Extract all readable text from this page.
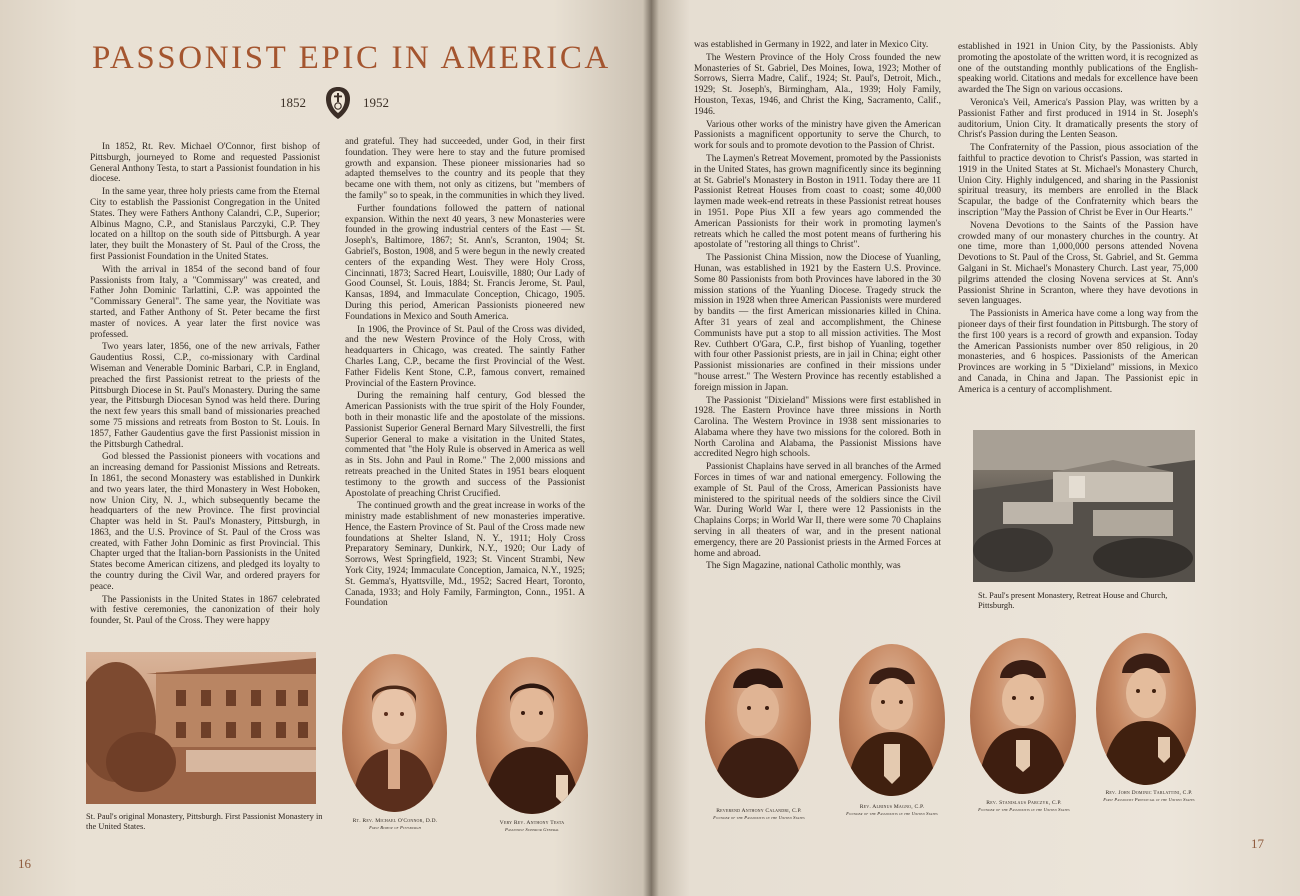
PASSONIST EPIC IN AMERICA
1852	1952

In 1852, Rt. Rev. Michael O'Connor, first bishop of Pittsburgh, journeyed to Rome and requested Passionist General Anthony Testa, to start a Passionist foundation in his diocese.

In the same year, three holy priests came from the Eternal City to establish the Passionist Congregation in the United States. They were Fathers Anthony Calandri, C.P., Superior; Albinus Magno, C.P., and Stanislaus Parczyki, C.P. They located on a hilltop on the south side of Pittsburgh. A year later, they built the Monastery of St. Paul of the Cross, the first Passionist Foundation in the United States.

With the arrival in 1854 of the second band of four Passionists from Italy, a "Commissary" was created, and Father John Dominic Tarlattini, C.P. was appointed the "Commissary General". The same year, the Novitiate was started, and Father Anthony of St. Peter became the first master of novices. A year later the first novice was professed.

Two years later, 1856, one of the new arrivals, Father Gaudentius Rossi, C.P., co-missionary with Cardinal Wiseman and Venerable Dominic Barbari, C.P. in England, preached the first Passionist retreat to the priests of the Pittsburgh Diocese in St. Paul's Monastery. During the same year, the Pittsburgh Diocesan Synod was held there. During the next few years this small band of missionaries preached some 75 missions and retreats from Boston to St. Louis. In 1857, Father Gaudentius gave the first Passionist mission in the Pittsburgh Cathedral.

God blessed the Passionist pioneers with vocations and an increasing demand for Passionist Missions and Retreats. In 1861, the second Monastery was established in Dunkirk and two years later, the third Monastery in West Hoboken, now Union City, N. J., which subsequently became the headquarters of the new Province. The first provincial Chapter was held in St. Paul's Monastery, Pittsburgh, in 1863, and the U.S. Province of St. Paul of the Cross was created, with Father John Dominic as first Provincial. This Chapter urged that the Italian-born Passionists in the United States become American citizens, and pledged its loyalty to the country during the Civil War, and ordered prayers for peace.

The Passionists in the United States in 1867 celebrated with festive ceremonies, the canonization of their holy founder, St. Paul of the Cross. They were happy

and grateful. They had succeeded, under God, in their first foundation. They were here to stay and the future promised growth and expansion. These pioneer missionaries had so adapted themselves to the country and its people that they became one with them, not only as citizens, but "members of the family" so to speak, in the communities in which they lived.

Further foundations followed the pattern of national expansion. Within the next 40 years, 3 new Monasteries were founded in the growing industrial centers of the East — St. Joseph's, Baltimore, 1867; St. Ann's, Scranton, 1904; St. Gabriel's, Boston, 1908, and 5 were begun in the newly created centers of the expanding West. They were Holy Cross, Cincinnati, 1873; Sacred Heart, Louisville, 1880; Our Lady of Good Counsel, St. Louis, 1884; St. Francis Jerome, St. Paul, Kansas, 1894, and Immaculate Conception, Chicago, 1905. During this period, American Passionists pioneered new Foundations in Mexico and South America.

In 1906, the Province of St. Paul of the Cross was divided, and the new Western Province of the Holy Cross, with headquarters in Chicago, was created. The saintly Father Charles Lang, C.P., became the first Provincial of the West. Father Fidelis Kent Stone, C.P., famous convert, remained Provincial of the Eastern Province.

During the remaining half century, God blessed the American Passionists with the true spirit of the Holy Founder, both in their monastic life and the apostolate of the missions. Passionist Superior General Bernard Mary Silvestrelli, the first Superior General to make a visitation in the United States, commented that "the Holy Rule is observed in America as well as in Sts. John and Paul in Rome." The 2,000 missions and retreats preached in the United States in 1951 bears eloquent testimony to the growth and success of the Passionist Apostolate of preaching Christ Crucified.

The continued growth and the great increase in works of the ministry made establishment of new monasteries imperative. Hence, the Eastern Province of St. Paul of the Cross made new foundations at Shelter Island, N. Y., 1911; Holy Cross Preparatory Seminary, Dunkirk, N.Y., 1920; Our Lady of Sorrows, West Springfield, 1923; St. Vincent Strambi, New York City, 1924; Immaculate Conception, Jamaica, N.Y., 1925; St. Gemma's, Hyattsville, Md., 1952; Sacred Heart, Toronto, Canada, 1933; and Holy Family, Farmington, Conn., 1951. A Foundation

St. Paul's original Monastery, Pittsburgh. First Passionist Monastery in the United States.
Rt. Rev. Michael O'Connor, D.D.
First Bishop of Pittsburgh
Very Rev. Anthony Testa
Passionist Superior General
16
17
Reverend Anthony Calandri, C.P.
Founder of the Passionists in the United States
Rev. Albinus Magno, C.P.
Founder of the Passionists in the United States
Rev. Stanislaus Parczyk, C.P.
Founder of the Passionists in the United States
Rev. John Dominic Tarlattini, C.P.
First Passionist Provincial in the United States

was established in Germany in 1922, and later in Mexico City.

The Western Province of the Holy Cross founded the new Monasteries of St. Gabriel, Des Moines, Iowa, 1923; Mother of Sorrows, Sierra Madre, Calif., 1924; St. Paul's, Detroit, Mich., 1929; St. Joseph's, Birmingham, Ala., 1939; Holy Family, Houston, Texas, 1946, and Christ the King, Sacramento, Calif., 1946.

Various other works of the ministry have given the American Passionists a magnificent opportunity to serve the Church, to work for souls and to promote devotion to the Passion of Christ.

The Laymen's Retreat Movement, promoted by the Passionists in the United States, has grown magnificently since its beginning at St. Gabriel's Monastery in Boston in 1911. Today there are 11 Passionist Retreat Houses from coast to coast; some 40,000 laymen made week-end retreats in these Passionist retreat houses in 1951. Pope Pius XII a few years ago commended the American Passionists for their work in promoting laymen's retreats which he called the most potent means of furthering his apostolate of "restoring all things to Christ".

The Passionist China Mission, now the Diocese of Yuanling, Hunan, was established in 1921 by the Eastern U.S. Province. Some 80 Passionists from both Provinces have labored in the 30 mission stations of the Yuanling Diocese. Tragedy struck the mission in 1928 when three American Passionists were murdered by bandits — the first American missionaries killed in China. After 31 years of zeal and accomplishment, the Chinese Communists have put a stop to all mission activities. The Most Rev. Cuthbert O'Gara, C.P., first bishop of Yuanling, together with four other Passionist priests, are in jail in China; eight other Passionist missionaries are confined in their missions under "house arrest." The Western Province has recently established a foreign mission in Japan.

The Passionist "Dixieland" Missions were first established in 1928. The Eastern Province have three missions in North Carolina. The Western Province in 1938 sent missionaries to Alabama where they have two missions for the colored. Both in North Carolina and Alabama, the Passionist Missions have accredited Negro high schools.

Passionist Chaplains have served in all branches of the Armed Forces in times of war and national emergency. Following the example of St. Paul of the Cross, American Passionists have ministered to the spiritual needs of the soldiers since the Civil War. During World War I, there were 12 Passionists in the Chaplains Corps; in World War II, there were some 70 Chaplains serving in all theaters of war, and in the present national emergency, there are 20 Passionist priests in the Armed Forces at home and abroad.

The Sign Magazine, national Catholic monthly, was

established in 1921 in Union City, by the Passionists. Ably promoting the apostolate of the written word, it is recognized as one of the outstanding monthly publications of the English-speaking world. Citations and medals for excellence have been awarded the The Sign on various occasions.

Veronica's Veil, America's Passion Play, was written by a Passionist Father and first produced in 1914 in St. Joseph's auditorium, Union City. It dramatically presents the story of Christ's Passion during the Lenten Season.

The Confraternity of the Passion, pious association of the faithful to practice devotion to Christ's Passion, was started in 1919 in the United States at St. Michael's Monastery Church, Union City. Highly indulgenced, and sharing in the Passionist spiritual treasury, its members are enrolled in the Black Scapular, the badge of the Confraternity which bears the inscription "May the Passion of Christ be Ever in Our Hearts."

Novena Devotions to the Saints of the Passion have crowded many of our monastery churches in the country. At one time, more than 1,000,000 persons attended Novena Devotions to St. Paul of the Cross, St. Gabriel, and St. Gemma Galgani in St. Michael's Monastery Church. Last year, 75,000 pilgrims attended the closing Novena services at St. Ann's Passionist Shrine in Scranton, where they have devotions in seven languages.

The Passionists in America have come a long way from the pioneer days of their first foundation in Pittsburgh. The story of the first 100 years is a record of growth and expansion. Today the American Passionists number over 850 religious, in 20 monasteries, and 6 hospices. Passionists of the American Provinces are working in 5 "Dixieland" missions, in Mexico and Canada, in China and Japan. The Passionist epic in America is a century of accomplishment.

St. Paul's present Monastery, Retreat House and Church, Pittsburgh.
